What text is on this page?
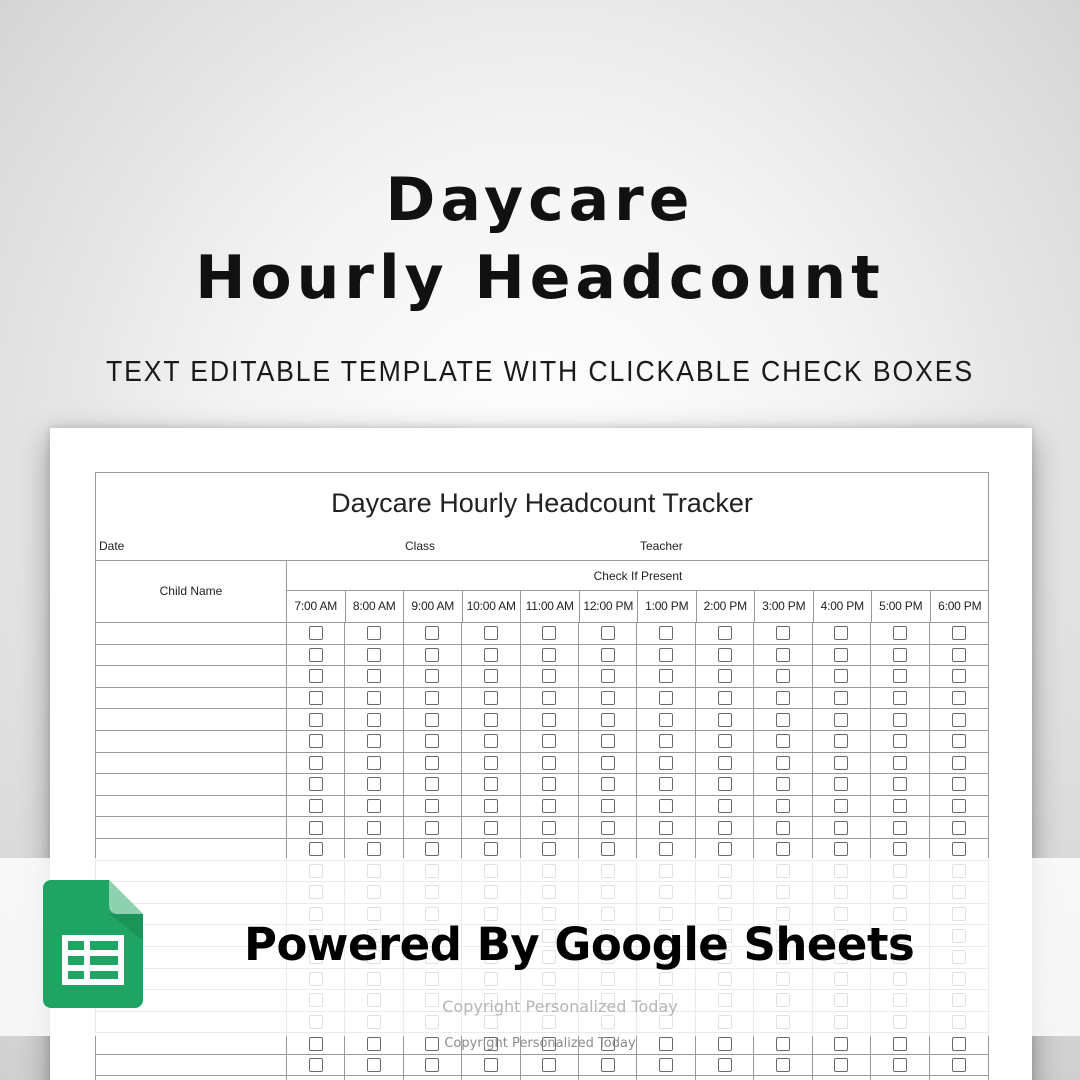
Daycare
Hourly Headcount
TEXT EDITABLE TEMPLATE WITH CLICKABLE CHECK BOXES
Daycare Hourly Headcount Tracker
Date	Class	Teacher
Child Name
Check If Present
7:00 AM	8:00 AM	9:00 AM	10:00 AM 11:00 AM 12:00 PM 1:00 PM	2:00 PM	3:00 PM	4:00 PM	5:00 PM	6:00 PM
Powered By Google Sheets
Copyright Personalized Today
Copyright Personalized Today
